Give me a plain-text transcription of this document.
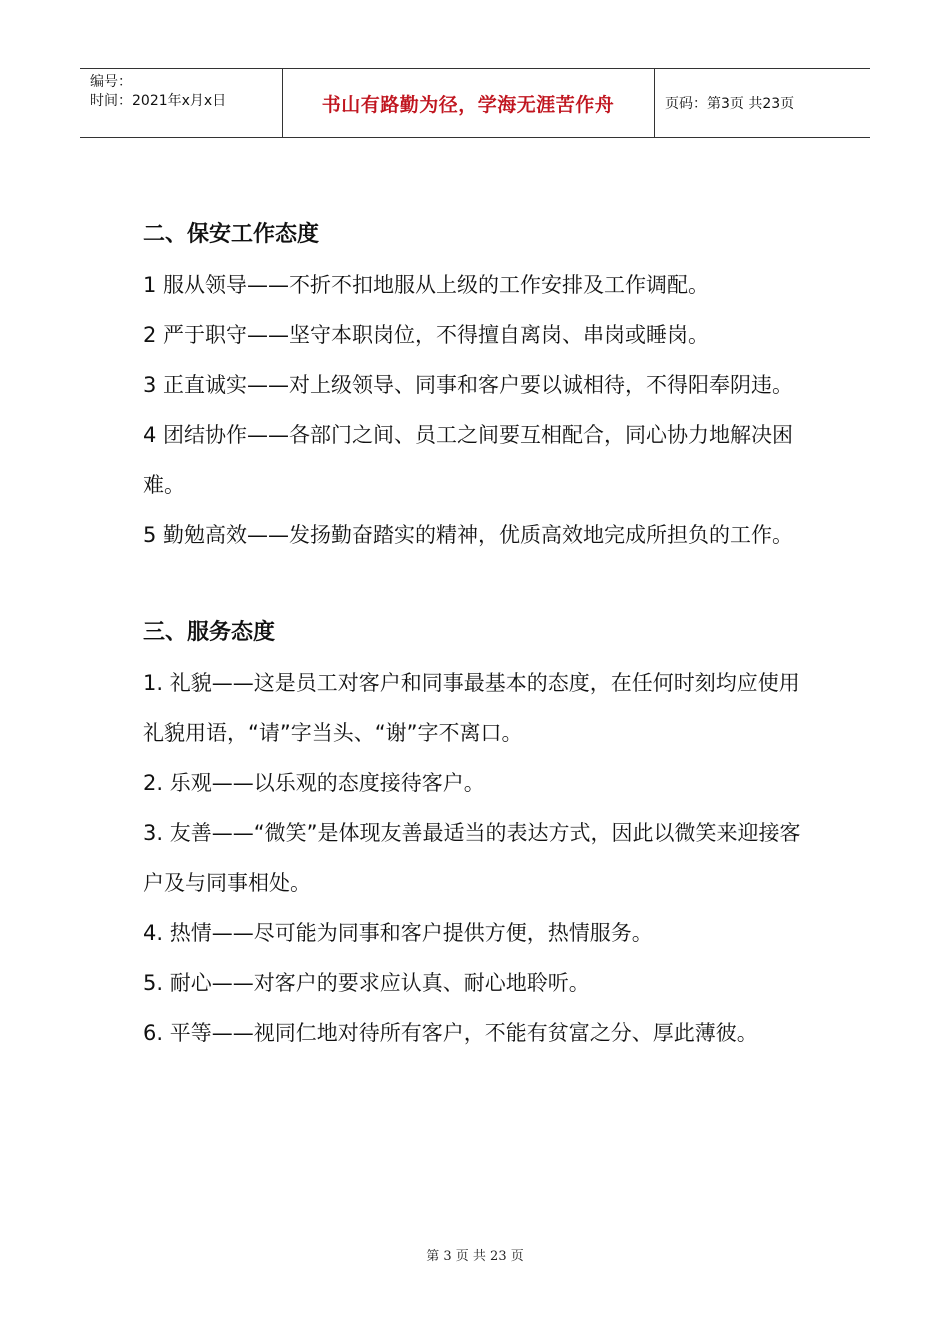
编号：
时间：2021年x月x日	书山有路勤为径，学海无涯苦作舟	页码：第3页 共23页
二、保安工作态度

1 服从领导——不折不扣地服从上级的工作安排及工作调配。

2 严于职守——坚守本职岗位，不得擅自离岗、串岗或睡岗。

3 正直诚实——对上级领导、同事和客户要以诚相待，不得阳奉阴违。

4 团结协作——各部门之间、员工之间要互相配合，同心协力地解决困难。

5 勤勉高效——发扬勤奋踏实的精神，优质高效地完成所担负的工作。

三、服务态度

1. 礼貌——这是员工对客户和同事最基本的态度，在任何时刻均应使用礼貌用语，“请”字当头、“谢”字不离口。

2. 乐观——以乐观的态度接待客户。

3. 友善——“微笑”是体现友善最适当的表达方式，因此以微笑来迎接客户及与同事相处。

4. 热情——尽可能为同事和客户提供方便，热情服务。

5. 耐心——对客户的要求应认真、耐心地聆听。

6. 平等——视同仁地对待所有客户，不能有贫富之分、厚此薄彼。

第 3 页 共 23 页
